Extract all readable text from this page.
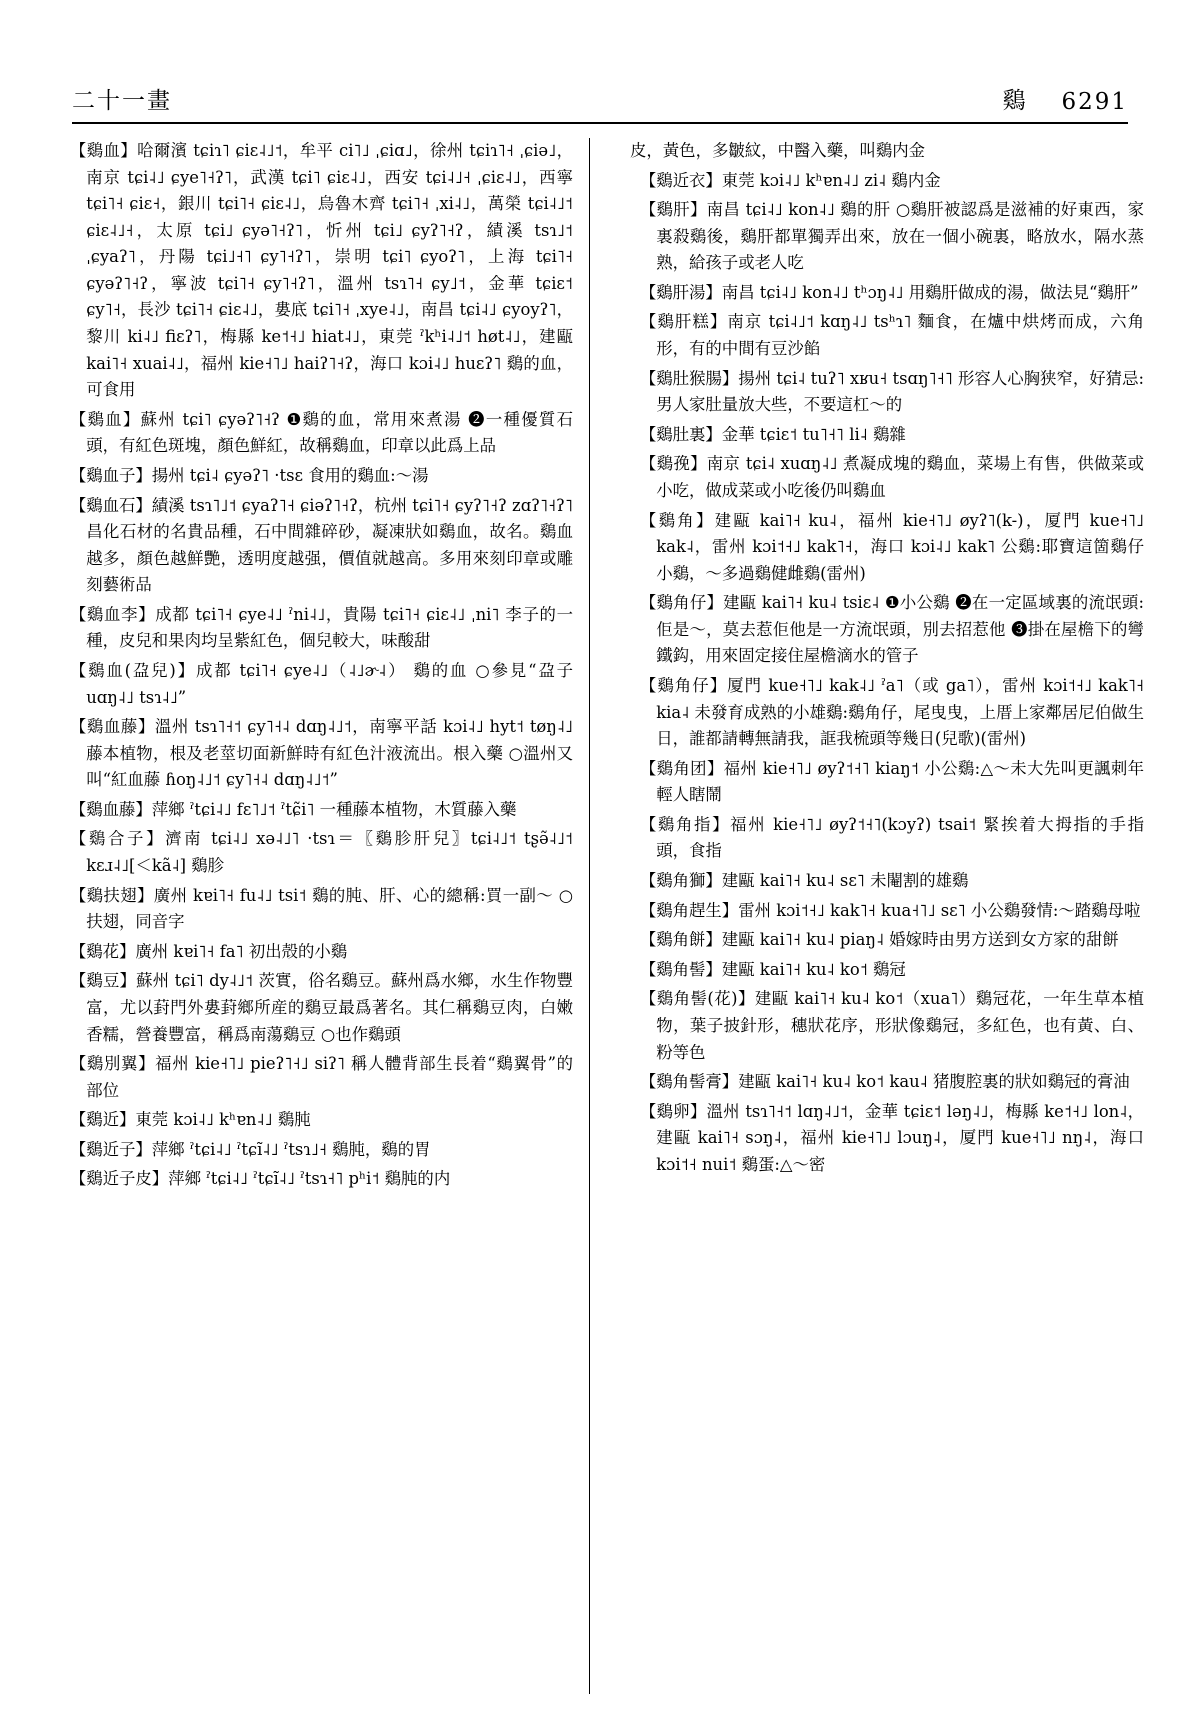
二十一畫	鷄 6291
【鷄血】哈爾濱 tɕiɿ˥ ɕiɛ˨˩˦，牟平 ci˥˩ ˌɕiɑ˩，徐州 tɕiɿ˥˧ ˌɕiə˩，南京 tɕi˨˩ ɕye˥˧ʔ˥，武漢 tɕi˥ ɕiɛ˨˩，西安 tɕi˨˩˧ ˌɕiɛ˨˩，西寧 tɕi˥˧ ɕiɛ˧，銀川 tɕi˥˧ ɕiɛ˨˩，烏魯木齊 tɕi˥˧ ˌxi˨˩，萬榮 tɕi˨˩˦ ɕiɛ˨˩˧，太原 tɕi˩ ɕyə˥˧ʔ˥，忻州 tɕi˩ ɕyʔ˥˧ʔ，績溪 tsɿ˩˦ ˌɕyaʔ˥，丹陽 tɕi˩˧˥ ɕy˥˧ʔ˥，崇明 tɕi˥ ɕyoʔ˥，上海 tɕi˥˧ ɕyəʔ˥˧ʔ，寧波 tɕi˥˧ ɕy˥˧ʔ˥，溫州 tsɿ˥˧ ɕy˩˦，金華 tɕiɛ˦ ɕy˥˧，長沙 tɕi˥˧ ɕiɛ˨˩，婁底 tɕi˥˧ ˌxye˨˩，南昌 tɕi˨˩ ɕyoyʔ˥，黎川 ki˨˩ fiɛʔ˥，梅縣 ke˦˧˩ hiat˨˩，東莞 ˀkʰi˨˩˦ høt˨˩，建甌 kai˥˧ xuai˨˩，福州 kie˧˥˩ haiʔ˥˧ʔ，海口 kɔi˨˩ huɛʔ˥ 鷄的血，可食用
【鷄血】蘇州 tɕi˥ ɕyəʔ˥˧ʔ ❶鷄的血，常用來煮湯 ❷一種優質石頭，有紅色斑塊，顏色鮮紅，故稱鷄血，印章以此爲上品
【鷄血子】揚州 tɕi˨ ɕyəʔ˥ ·tsɛ 食用的鷄血:～湯
【鷄血石】績溪 tsɿ˥˩˦ ɕyaʔ˥˧ ɕiəʔ˥˧ʔ，杭州 tɕi˥˧ ɕyʔ˥˧ʔ zɑʔ˥˧ʔ˥ 昌化石材的名貴品種，石中間雜碎砂，凝凍狀如鷄血，故名。鷄血越多，顏色越鮮艷，透明度越强，價值就越高。多用來刻印章或雕刻藝術品
【鷄血李】成都 tɕi˥˧ ɕye˨˩ ˀni˨˩，貴陽 tɕi˥˧ ɕiɛ˨˩ ˌni˥ 李子的一種，皮兒和果肉均呈紫紅色，個兒較大，味酸甜
【鷄血(盁兒)】成都 tɕi˥˧ ɕye˨˩（˨˩ɚ˨） 鷄的血 ○參見“盁子 uɑŋ˨˩ tsɿ˨˩”
【鷄血藤】溫州 tsɿ˥˧˦ ɕy˥˧˨ dɑŋ˨˩˦，南寧平話 kɔi˨˩ hyt˦ tøŋ˨˩ 藤本植物，根及老莖切面新鮮時有紅色汁液流出。根入藥 ○溫州又叫“紅血藤 ɦoŋ˨˩˦ ɕy˥˧˨ dɑŋ˨˩˦”
【鷄血藤】萍鄉 ˀtɕi˨˩ fɛ˥˩˦ ˀtɕ̃i˥ 一種藤本植物，木質藤入藥
【鷄合子】濟南 tɕi˨˩ xə˨˩˥ ·tsɿ＝〖鷄胗肝兒〗tɕi˨˩˦ tʂə̃˨˩˦ kɛɹ˨˩[＜kã˨] 鷄胗
【鷄扶翅】廣州 kɐi˥˧ fu˨˩ tsi˦ 鷄的肫、肝、心的總稱:買一副～ ○扶翅，同音字
【鷄花】廣州 kɐi˥˧ fa˥ 初出殻的小鷄
【鷄豆】蘇州 tɕi˥ dy˨˩˦ 茨實，俗名鷄豆。蘇州爲水鄉，水生作物豐富，尤以葑門外婁葑鄉所産的鷄豆最爲著名。其仁稱鷄豆肉，白嫩香糯，營養豐富，稱爲南蕩鷄豆 ○也作鷄頭
【鷄別翼】福州 kie˧˥˩ pieʔ˥˧˩ siʔ˥ 稱人體背部生長着“鷄翼骨”的部位
【鷄近】東莞 kɔi˨˩ kʰɐn˨˩ 鷄肫
【鷄近子】萍鄉 ˀtɕi˨˩ ˀtɕĩ˨˩ ˀtsɿ˩˧ 鷄肫，鷄的胃
【鷄近子皮】萍鄉 ˀtɕi˨˩ ˀtɕĩ˨˩ ˀtsɿ˧˥ pʰi˦ 鷄肫的内
皮，黃色，多皺紋，中醫入藥，叫鷄内金
【鷄近衣】東莞 kɔi˨˩ kʰɐn˨˩ zi˨ 鷄内金
【鷄肝】南昌 tɕi˨˩ kon˨˩ 鷄的肝 ○鷄肝被認爲是滋補的好東西，家裏殺鷄後，鷄肝都單獨弄出來，放在一個小碗裏，略放水，隔水蒸熟，給孩子或老人吃
【鷄肝湯】南昌 tɕi˨˩ kon˨˩ tʰɔŋ˨˩ 用鷄肝做成的湯，做法見“鷄肝”
【鷄肝糕】南京 tɕi˨˩˦ kɑŋ˨˩ tsʰɿ˥ 麵食，在爐中烘烤而成，六角形，有的中間有豆沙餡
【鷄肚猴腸】揚州 tɕi˨ tuʔ˥ xʁu˧ tsɑŋ˥˧˥ 形容人心胸狭窄，好猜忌:男人家肚量放大些，不要這杠～的
【鷄肚裏】金華 tɕiɛ˦ tu˥˧˥ li˨ 鷄雜
【鷄㝃】南京 tɕi˨ xuɑŋ˨˩ 煮凝成塊的鷄血，菜場上有售，供做菜或小吃，做成菜或小吃後仍叫鷄血
【鷄角】建甌 kai˥˧ ku˨，福州 kie˧˥˩ øyʔ˥(k-)，厦門 kue˧˥˩ kak˨，雷州 kɔi˦˧˩ kak˥˧，海口 kɔi˨˩ kak˥ 公鷄:耶寶這箇鷄仔小鷄，～多過鷄健雌鷄(雷州)
【鷄角仔】建甌 kai˥˧ ku˨ tsiɛ˨ ❶小公鷄 ❷在一定區域裏的流氓頭:佢是～，莫去惹佢他是一方流氓頭，別去招惹他 ❸掛在屋檐下的彎鐵鈎，用來固定接住屋檐滴水的管子
【鷄角仔】厦門 kue˧˥˩ kak˨˩ ˀa˥（或 ga˥），雷州 kɔi˦˧˩ kak˥˧ kia˨ 未發育成熟的小雄鷄:鷄角仔，尾曳曳，上厝上家鄰居尼伯做生日，誰都請轉無請我，誆我梳頭等幾日(兒歌)(雷州)
【鷄角团】福州 kie˧˥˩ øyʔ˦˧˥ kiaŋ˦ 小公鷄:△～未大先叫更諷刺年輕人瞎鬧
【鷄角指】福州 kie˧˥˩ øyʔ˦˧˥(kɔyʔ) tsai˦ 緊挨着大拇指的手指頭，食指
【鷄角獅】建甌 kai˥˧ ku˨ sɛ˥ 未閹割的雄鷄
【鷄角趕生】雷州 kɔi˦˧˩ kak˥˧ kua˧˥˩ sɛ˥ 小公鷄發情:～踏鷄母啦
【鷄角餅】建甌 kai˥˧ ku˨ piaŋ˨ 婚嫁時由男方送到女方家的甜餅
【鷄角髻】建甌 kai˥˧ ku˨ ko˦ 鷄冠
【鷄角髻(花)】建甌 kai˥˧ ku˨ ko˦（xua˥）鷄冠花，一年生草本植物，葉子披針形，穗狀花序，形狀像鷄冠，多紅色，也有黃、白、粉等色
【鷄角髻膏】建甌 kai˥˧ ku˨ ko˦ kau˨ 猪腹腔裏的狀如鷄冠的膏油
【鷄卵】溫州 tsɿ˥˧˦ lɑŋ˨˩˦，金華 tɕiɛ˦ ləŋ˨˩，梅縣 ke˦˧˩ lon˨，建甌 kai˥˧ sɔŋ˨，福州 kie˧˥˩ lɔuŋ˨，厦門 kue˧˥˩ nŋ˨，海口 kɔi˦˧ nui˦ 鷄蛋:△～密
